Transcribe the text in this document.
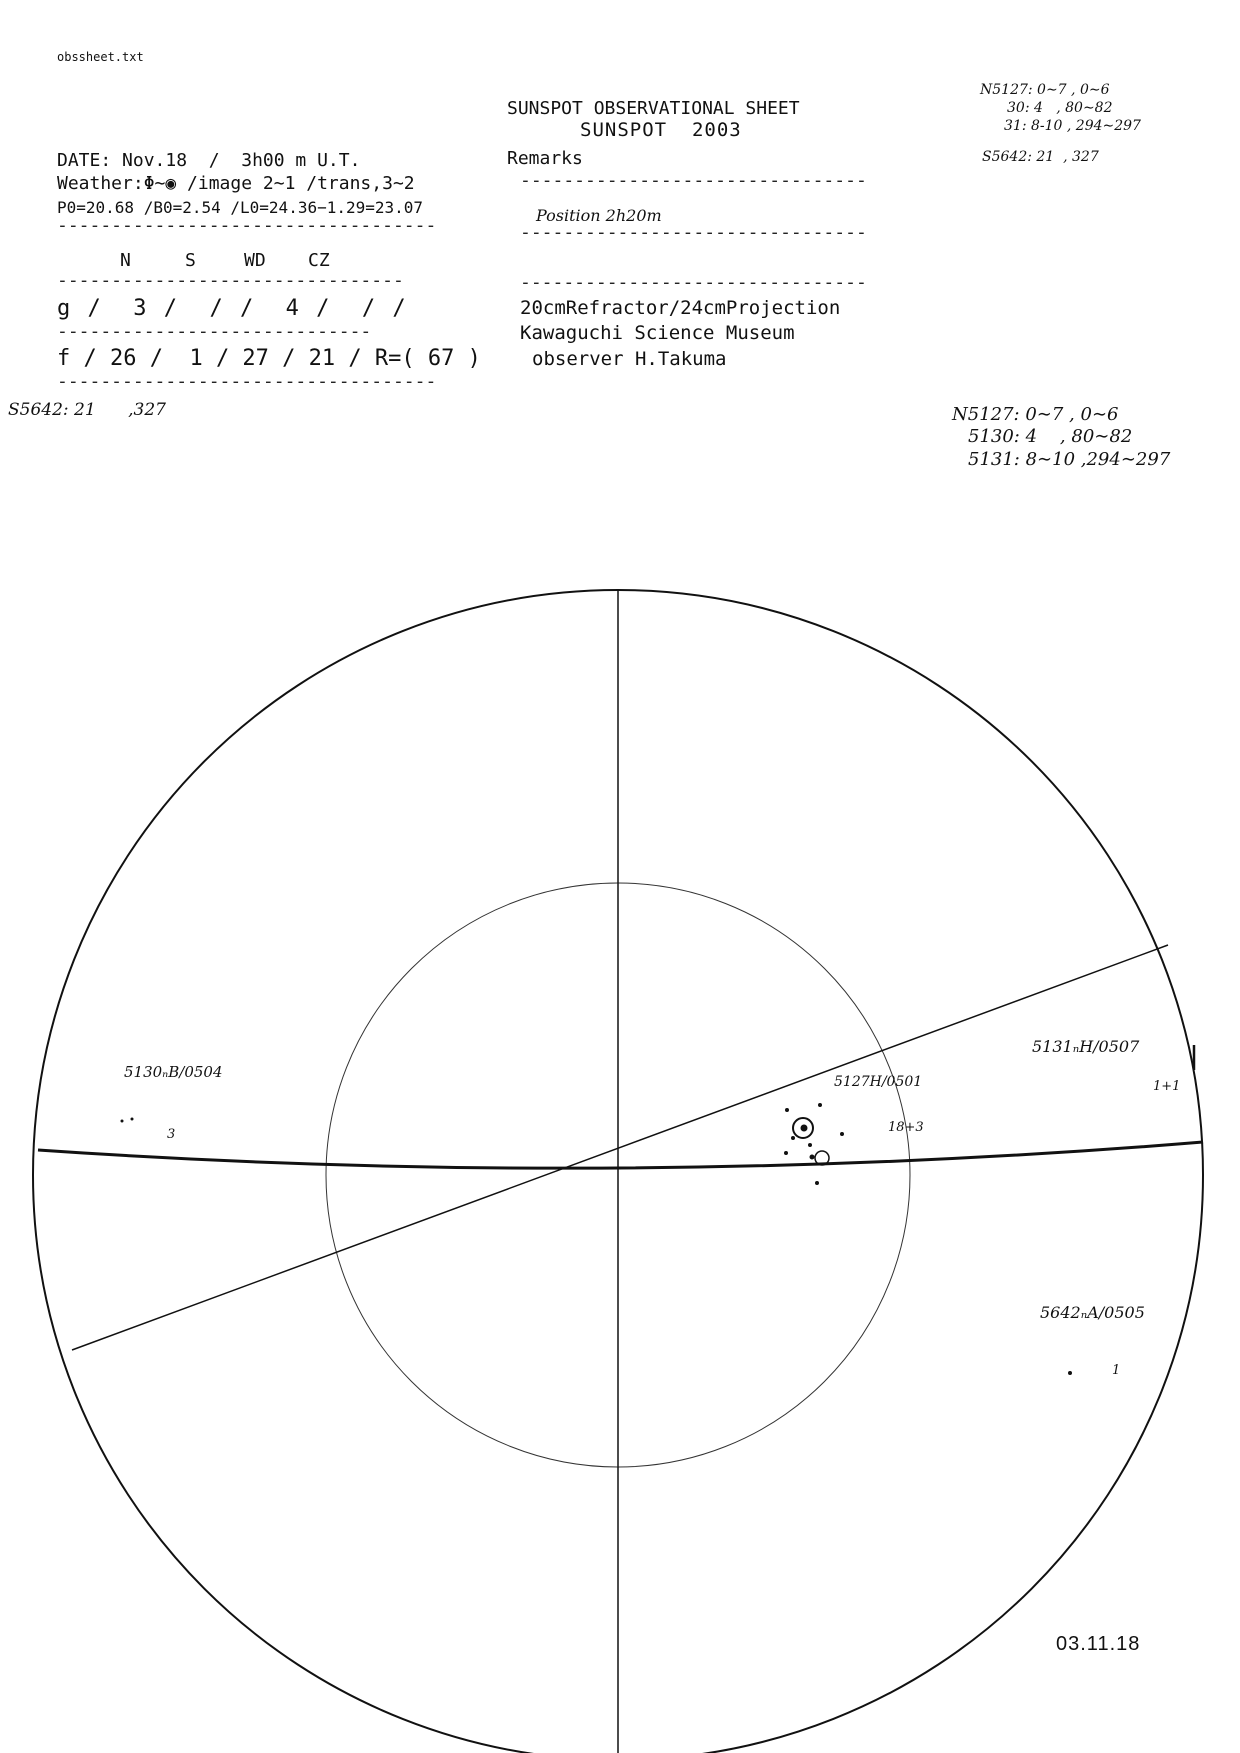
obssheet.txt
SUNSPOT OBSERVATIONAL SHEET
SUNSPOT  2003
DATE: Nov.18  /  3h00 m U.T.
Weather:Φ∼◉ /image 2∼1 /trans,3∼2
P0=20.68 /B0=2.54 /L0=24.36−1.29=23.07
-----------------------------------
N	S	WD CZ
--------------------------------
g /  3 /  / /  4 /  / /
-----------------------------
f / 26 /  1 / 27 / 21 / R=( 67 )
-----------------------------------
Remarks
--------------------------------
Position 2h20m
--------------------------------
--------------------------------
20cmRefractor/24cmProjection
Kawaguchi Science Museum
observer H.Takuma
N5127: 0∼7 , 0∼6
30: 4   , 80∼82
31: 8-10 , 294∼297
S5642: 21  , 327
S5642: 21      ,327	N5127: 0∼7 , 0∼6
5130: 4    , 80∼82
5131: 8∼10 ,294∼297
5130ₙB/0504
3
5131ₙH/0507
1+1
5127H/0501
18+3
5642ₙA/0505
1
03.11.18
